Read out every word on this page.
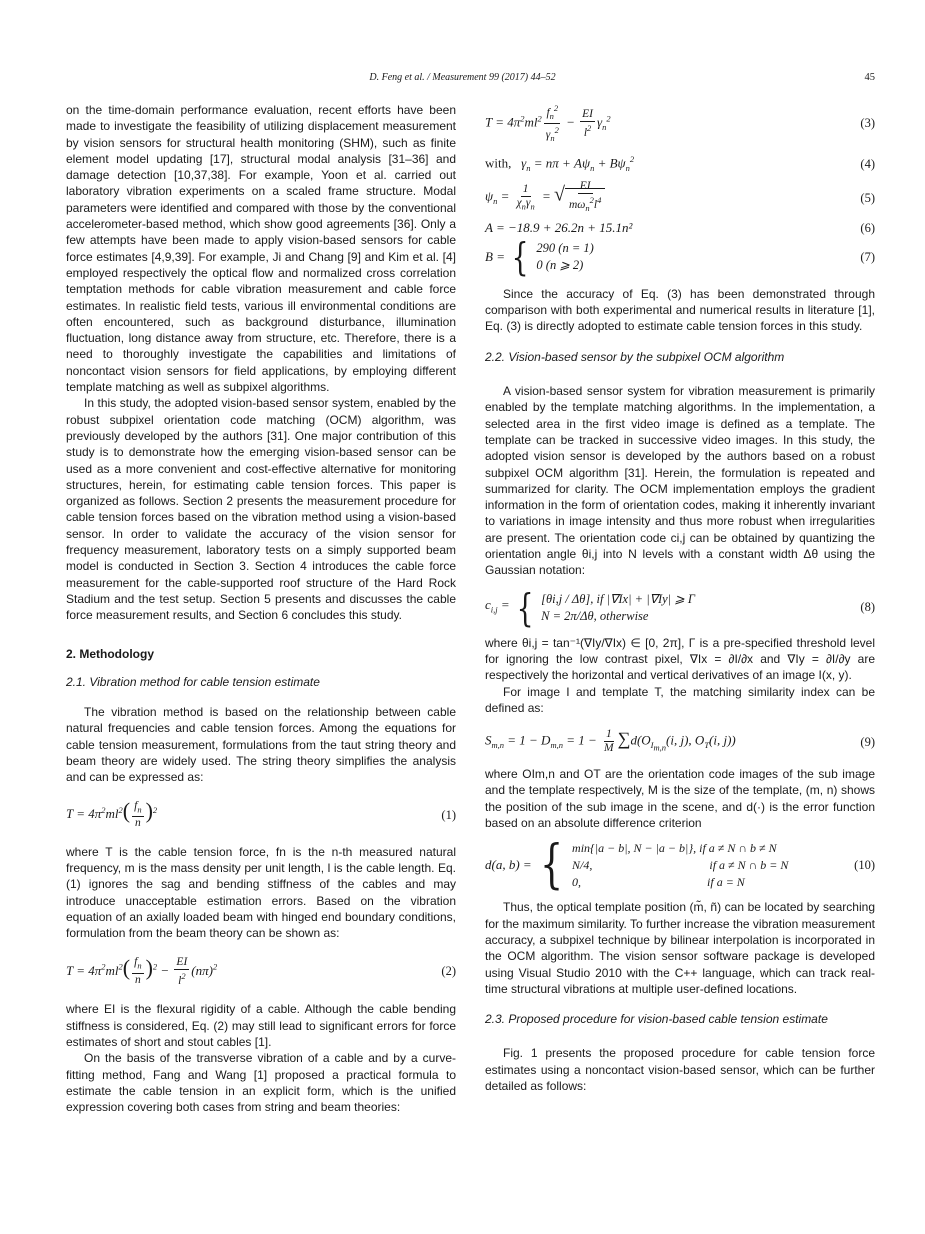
D. Feng et al. / Measurement 99 (2017) 44–52	45

on the time-domain performance evaluation, recent efforts have been made to investigate the feasibility of utilizing displacement measurement by vision sensors for structural health monitoring (SHM), such as finite element model updating [17], structural modal analysis [31–36] and damage detection [10,37,38]. For example, Yoon et al. carried out laboratory vibration experiments on a scaled frame structure. Modal parameters were identified and compared with those by the conventional accelerometer-based method, which show good agreements [36]. Only a few attempts have been made to apply vision-based sensors for cable force estimates [4,9,39]. For example, Ji and Chang [9] and Kim et al. [4] employed respectively the optical flow and normalized cross correlation temptation methods for cable vibration measurement and cable force estimates. In realistic field tests, various ill environmental conditions are often encountered, such as background disturbance, illumination fluctuation, long distance away from structure, etc. Therefore, there is a need to thoroughly investigate the capabilities and limitations of noncontact vision sensors for field applications, by employing different template matching as well as subpixel algorithms.

In this study, the adopted vision-based sensor system, enabled by the robust subpixel orientation code matching (OCM) algorithm, was previously developed by the authors [31]. One major contribution of this study is to demonstrate how the emerging vision-based sensor can be used as a more convenient and cost-effective alternative for monitoring structures, herein, for estimating cable tension forces. This paper is organized as follows. Section 2 presents the measurement procedure for cable tension forces based on the vibration method using a vision-based sensor. In order to validate the accuracy of the vision sensor for frequency measurement, laboratory tests on a simply supported beam model is conducted in Section 3. Section 4 introduces the cable force measurement for the cable-supported roof structure of the Hard Rock Stadium and the test setup. Section 5 presents and discusses the cable force measurement results, and Section 6 concludes this study.

2. Methodology

2.1. Vibration method for cable tension estimate

The vibration method is based on the relationship between cable natural frequencies and cable tension forces. Among the equations for cable tension measurement, formulations from the taut string theory and beam theory are widely used. The string theory simplifies the analysis and can be expressed as:

$T = 4\pi^2ml^2( \frac{f_n}{n} )^2$	(1)

where T is the cable tension force, fn is the n-th measured natural frequency, m is the mass density per unit length, l is the cable length. Eq. (1) ignores the sag and bending stiffness of the cables and may introduce unacceptable estimation errors. Based on the vibration equation of an axially loaded beam with hinged end boundary conditions, formulation from the beam theory can be shown as:

$T = 4\pi^2ml^2( \frac{f_n}{n} )^2 - \frac{EI}{l^2} (n\pi)^2$	(2)

where EI is the flexural rigidity of a cable. Although the cable bending stiffness is considered, Eq. (2) may still lead to significant errors for force estimates of short and stout cables [1].

On the basis of the transverse vibration of a cable and by a curve-fitting method, Fang and Wang [1] proposed a practical formula to estimate the cable tension in an explicit form, which is the unified expression covering both cases from string and beam theories:

$T = 4\pi^2ml^2 \frac{f_n^2}{\gamma_n^2} - \frac{EI}{l^2} \gamma_n^2$	(3)
with,   $\gamma_n = n\pi + A\psi_n + B\psi_n^2$	(4)
$\psi_n = \frac{1}{\chi_n\gamma_n}$ = √ $\frac{EI}{m\omega_n^2l^4}$	(5)
A = −18.9 + 26.2n + 15.1n²	(6)
B = { 290 (n = 1)
0 (n ⩾ 2)
(7)

Since the accuracy of Eq. (3) has been demonstrated through comparison with both experimental and numerical results in literature [1], Eq. (3) is directly adopted to estimate cable tension forces in this study.

2.2. Vision-based sensor by the subpixel OCM algorithm

A vision-based sensor system for vibration measurement is primarily enabled by the template matching algorithms. In the implementation, a selected area in the first video image is defined as a template. The template can be tracked in successive video images. In this study, the adopted vision sensor is developed by the authors based on a robust subpixel OCM algorithm [31]. Herein, the formulation is repeated and summarized for clarity. The OCM implementation employs the gradient information in the form of orientation codes, making it inherently invariant to variations in image intensity and thus more robust when irregularities are present. The orientation code ci,j can be obtained by quantizing the orientation angle θi,j into N levels with a constant width Δθ using the Gaussian notation:

$c_{i,j}$ = { [θi,j / Δθ], if |∇Ix| + |∇Iy| ⩾ Γ
N = 2π/Δθ, otherwise
(8)

where θi,j = tan⁻¹(∇Iy/∇Ix) ∈ [0, 2π], Γ is a pre-specified threshold level for ignoring the low contrast pixel, ∇Ix = ∂I/∂x and ∇Iy = ∂I/∂y are respectively the horizontal and vertical derivatives of an image I(x, y).

For image I and template T, the matching similarity index can be defined as:

$S_{m,n} = 1 - D_{m,n} = 1 - \frac{1}{M} \sum d(O_{I_{m,n}}(i$, j), $O_T(i$, j))	(9)

where OIm,n and OT are the orientation code images of the sub image and the template respectively, M is the size of the template, (m, n) shows the position of the sub image in the scene, and d(·) is the error function based on an absolute difference criterion

d(a, b) = { min{|a − b|, N − |a − b|}, if a ≠ N ∩ b ≠ N
N/4,                                       if a ≠ N ∩ b = N
0,                                          if a = N
(10)

Thus, the optical template position (m̃, ñ) can be located by searching for the maximum similarity. To further increase the vibration measurement accuracy, a subpixel technique by bilinear interpolation is incorporated in the OCM algorithm. The vision sensor software package is developed using Visual Studio 2010 with the C++ language, which can track real-time structural vibrations at multiple user-defined locations.

2.3. Proposed procedure for vision-based cable tension estimate

Fig. 1 presents the proposed procedure for cable tension force estimates using a noncontact vision-based sensor, which can be further detailed as follows:
